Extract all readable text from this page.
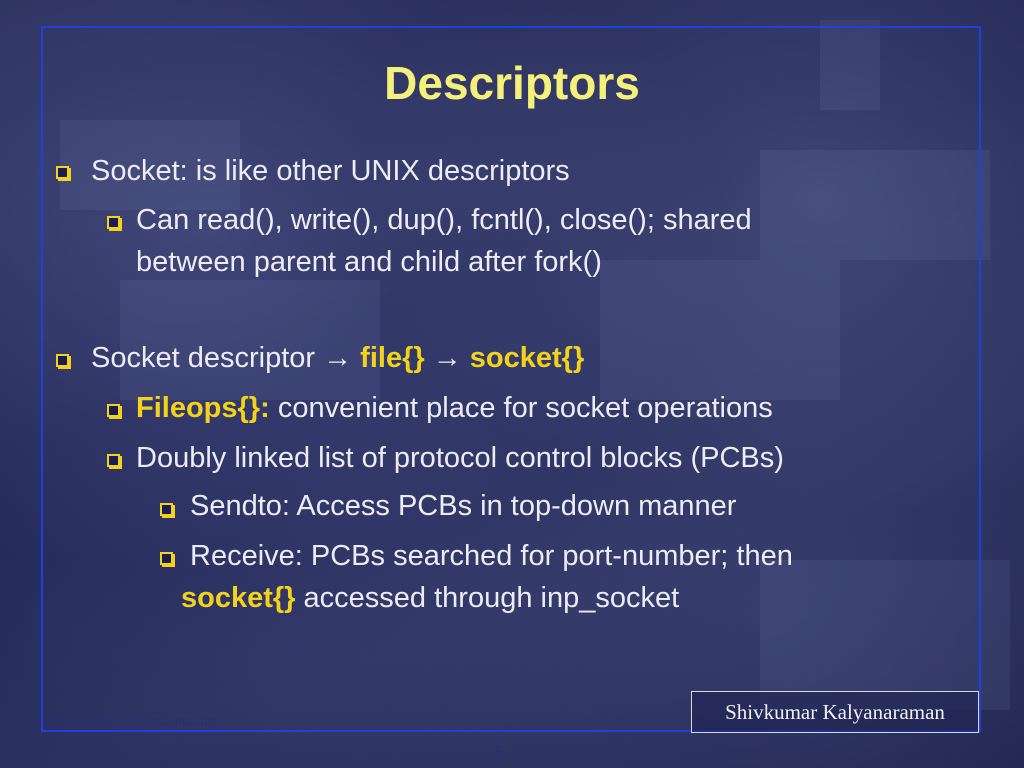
Descriptors
Socket: is like other UNIX descriptors
Can read(), write(), dup(), fcntl(), close(); shared
between parent and child after fork()
Socket descriptor → file{} → socket{}
Fileops{}: convenient place for socket operations
Doubly linked list of protocol control blocks (PCBs)
Sendto: Access PCBs in top-down manner
Receive: PCBs searched for port-number; then
socket{} accessed through inp_socket
Rensselaer Polytechnic Institute	Shivkumar Kalyanaraman
6
